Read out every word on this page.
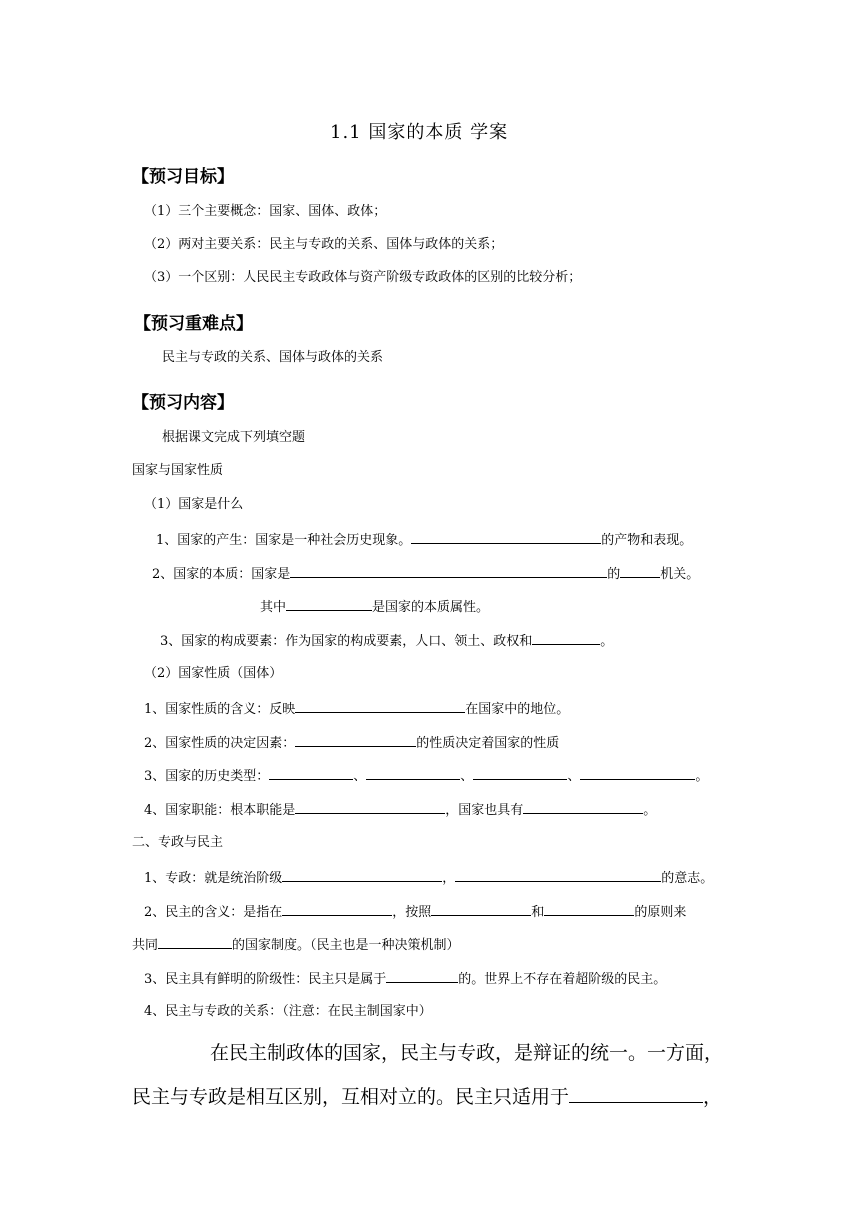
1.1 国家的本质 学案
【预习目标】
（1）三个主要概念：国家、国体、政体；
（2）两对主要关系：民主与专政的关系、国体与政体的关系；
（3）一个区别：人民民主专政政体与资产阶级专政政体的区别的比较分析；
【预习重难点】
民主与专政的关系、国体与政体的关系
【预习内容】
根据课文完成下列填空题
国家与国家性质
（1）国家是什么
1、国家的产生：国家是一种社会历史现象。	的产物和表现。
2、国家的本质：国家是	的	机关。
其中	是国家的本质属性。
3、国家的构成要素：作为国家的构成要素，人口、领土、政权和	。
（2）国家性质（国体）
1、国家性质的含义：反映	在国家中的地位。
2、国家性质的决定因素：	的性质决定着国家的性质
3、国家的历史类型：	、	、	、	。
4、国家职能：根本职能是	，国家也具有	。
二、专政与民主
1、专政：就是统治阶级	，	的意志。
2、民主的含义：是指在	，按照	和	的原则来
共同	的国家制度。（民主也是一种决策机制）
3、民主具有鲜明的阶级性：民主只是属于	的。世界上不存在着超阶级的民主。
4、民主与专政的关系：（注意：在民主制国家中）
在民主制政体的国家，民主与专政，是辩证的统一。一方面，
民主与专政是相互区别，互相对立的。民主只适用于	，
